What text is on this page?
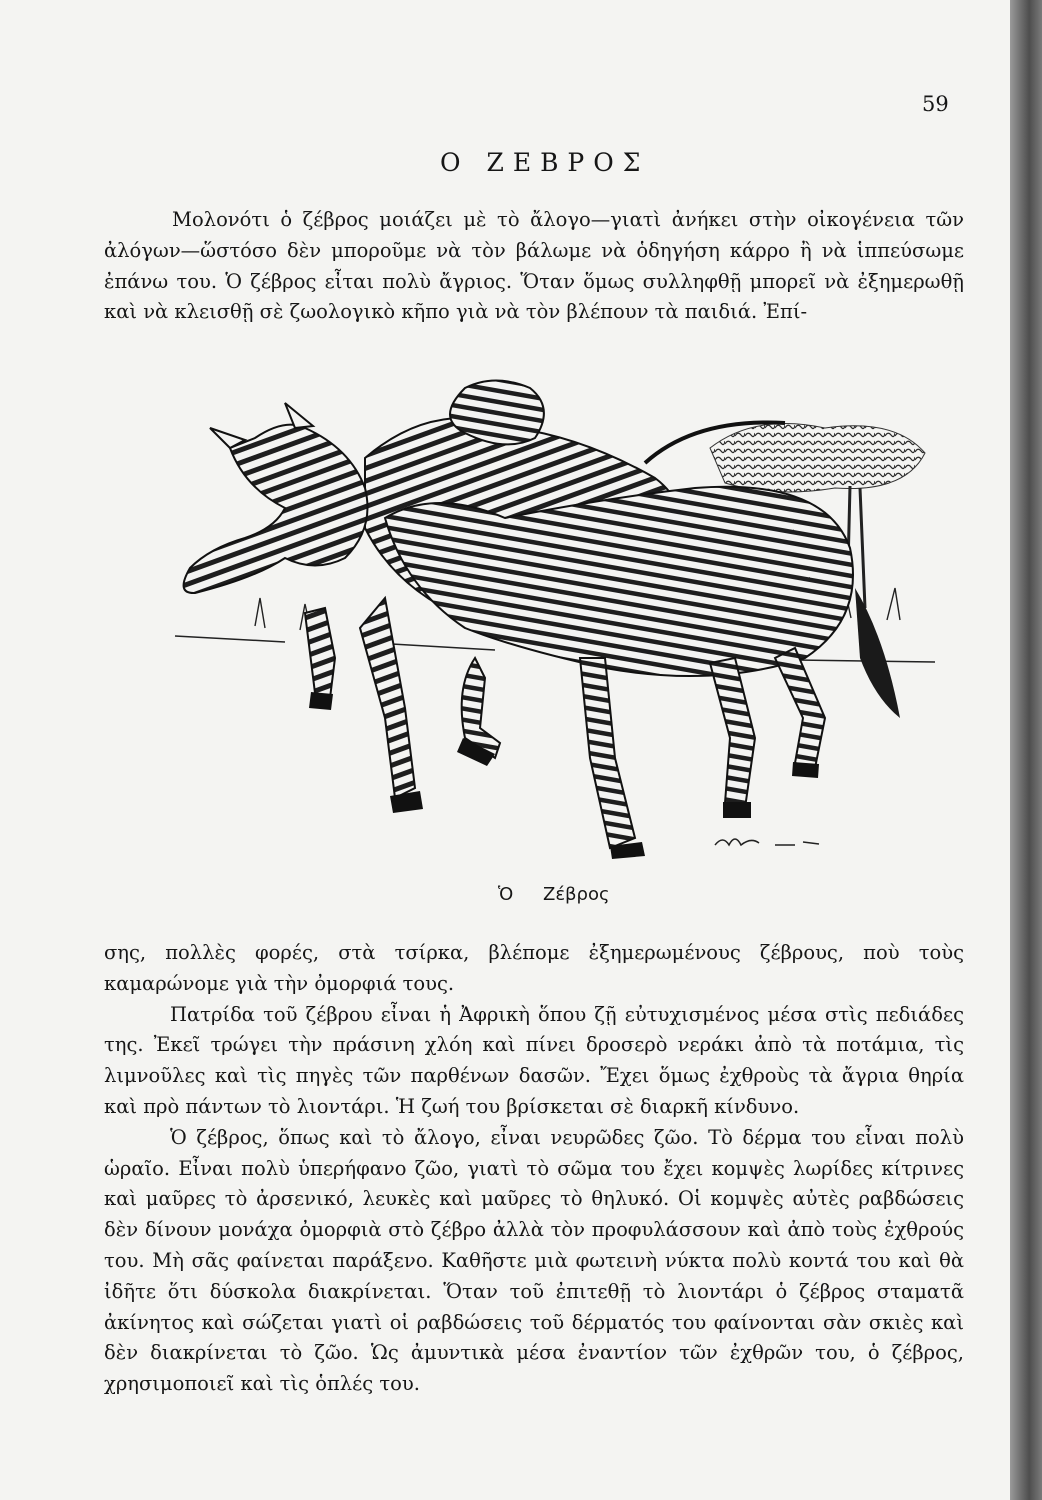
59
Ο ΖΕΒΡΟΣ

Μολονότι ὁ ζέβρος μοιάζει μὲ τὸ ἄλογο—γιατὶ ἀνήκει στὴν οἰκογένεια τῶν ἀλόγων—ὥστόσο δὲν μποροῦμε νὰ τὸν βάλωμε νὰ ὁδηγήση κάρρο ἢ νὰ ἱππεύσωμε ἐπάνω του. Ὁ ζέβρος εἶται πολὺ ἄγριος. Ὅταν ὅμως συλληφθῇ μπορεῖ νὰ ἐξημερωθῇ καὶ νὰ κλεισθῇ σὲ ζωολογικὸ κῆπο γιὰ νὰ τὸν βλέπουν τὰ παιδιά. Ἐπί-

Ὁ Ζέβρος

σης, πολλὲς φορές, στὰ τσίρκα, βλέπομε ἐξημερωμένους ζέβρους, ποὺ τοὺς καμαρώνομε γιὰ τὴν ὀμορφιά τους.

Πατρίδα τοῦ ζέβρου εἶναι ἡ Ἀφρικὴ ὅπου ζῇ εὐτυχισμένος μέσα στὶς πεδιάδες της. Ἐκεῖ τρώγει τὴν πράσινη χλόη καὶ πίνει δροσερὸ νεράκι ἀπὸ τὰ ποτάμια, τὶς λιμνοῦλες καὶ τὶς πηγὲς τῶν παρθένων δασῶν. Ἔχει ὅμως ἐχθροὺς τὰ ἄγρια θηρία καὶ πρὸ πάντων τὸ λιοντάρι. Ἡ ζωή του βρίσκεται σὲ διαρκῆ κίνδυνο.

Ὁ ζέβρος, ὅπως καὶ τὸ ἄλογο, εἶναι νευρῶδες ζῶο. Τὸ δέρμα του εἶναι πολὺ ὡραῖο. Εἶναι πολὺ ὑπερήφανο ζῶο, γιατὶ τὸ σῶμα του ἔχει κομψὲς λωρίδες κίτρινες καὶ μαῦρες τὸ ἀρσενικό, λευκὲς καὶ μαῦρες τὸ θηλυκό. Οἱ κομψὲς αὐτὲς ραβδώσεις δὲν δίνουν μονάχα ὀμορφιὰ στὸ ζέβρο ἀλλὰ τὸν προφυλάσσουν καὶ ἀπὸ τοὺς ἐχθρούς του. Μὴ σᾶς φαίνεται παράξενο. Καθῆστε μιὰ φωτεινὴ νύκτα πολὺ κοντά του καὶ θὰ ἰδῆτε ὅτι δύσκολα διακρίνεται. Ὅταν τοῦ ἐπιτεθῇ τὸ λιοντάρι ὁ ζέβρος σταματᾶ ἀκίνητος καὶ σώζεται γιατὶ οἱ ραβδώσεις τοῦ δέρματός του φαίνονται σὰν σκιὲς καὶ δὲν διακρίνεται τὸ ζῶο. Ὡς ἀμυντικὰ μέσα ἐναντίον τῶν ἐχθρῶν του, ὁ ζέβρος, χρησιμοποιεῖ καὶ τὶς ὁπλές του.
